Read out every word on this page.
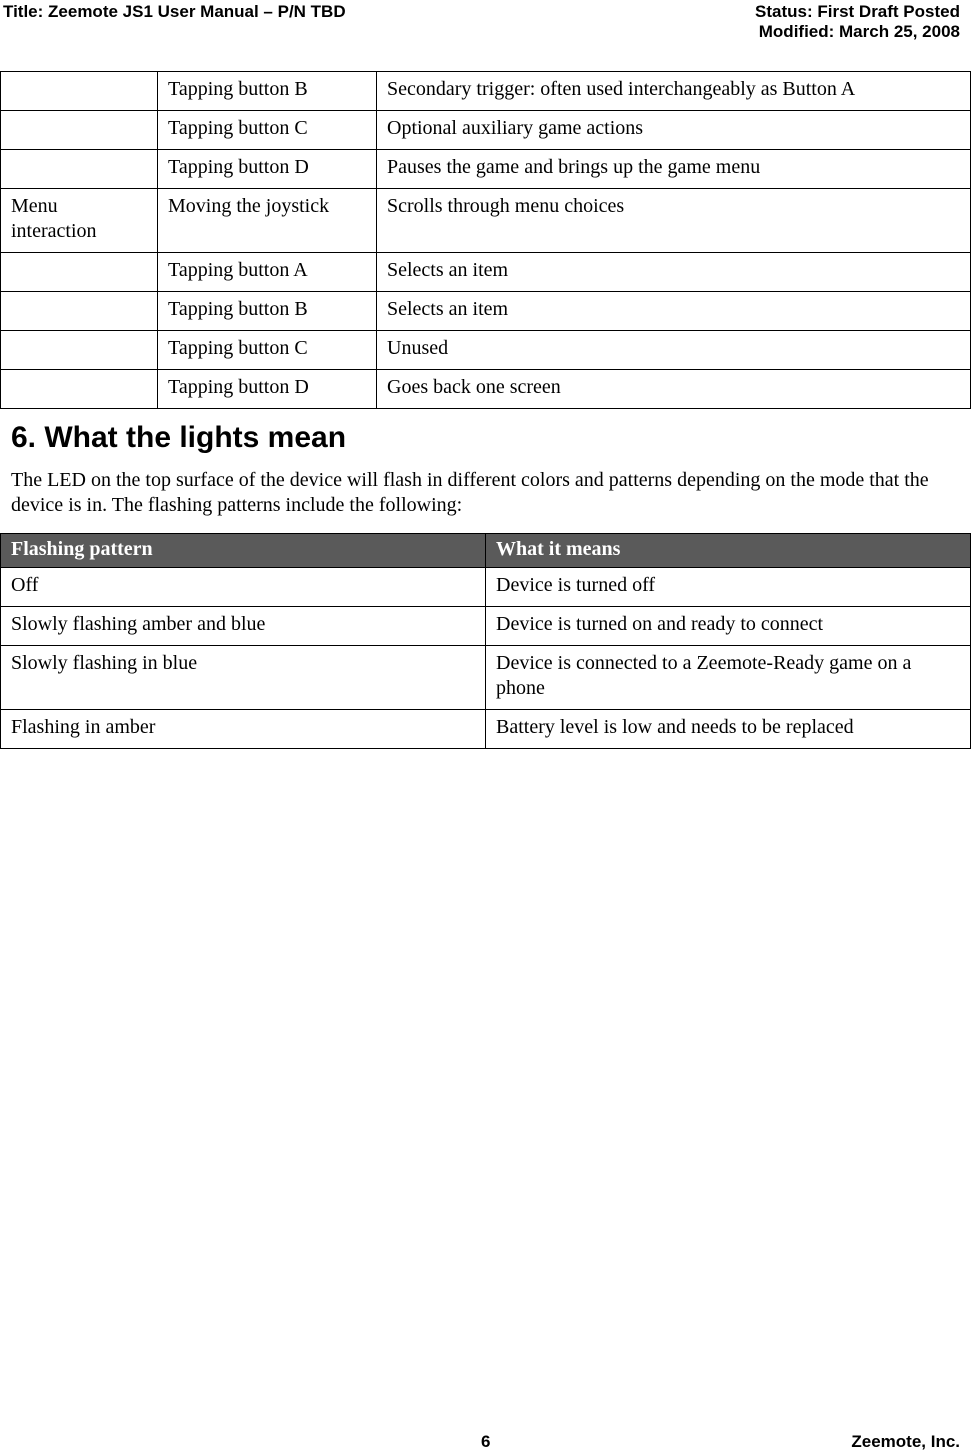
Title: Zeemote JS1 User Manual – P/N TBD	Status: First Draft Posted
Modified: March 25, 2008
	Tapping button B	Secondary trigger: often used interchangeably as Button A
	Tapping button C	Optional auxiliary game actions
	Tapping button D	Pauses the game and brings up the game menu
Menu interaction	Moving the joystick	Scrolls through menu choices
	Tapping button A	Selects an item
	Tapping button B	Selects an item
	Tapping button C	Unused
	Tapping button D	Goes back one screen
6. What the lights mean

The LED on the top surface of the device will flash in different colors and patterns depending on the mode that the device is in. The flashing patterns include the following:

Flashing pattern	What it means
Off	Device is turned off
Slowly flashing amber and blue	Device is turned on and ready to connect
Slowly flashing in blue	Device is connected to a Zeemote-Ready game on a phone
Flashing in amber	Battery level is low and needs to be replaced
6	Zeemote, Inc.
